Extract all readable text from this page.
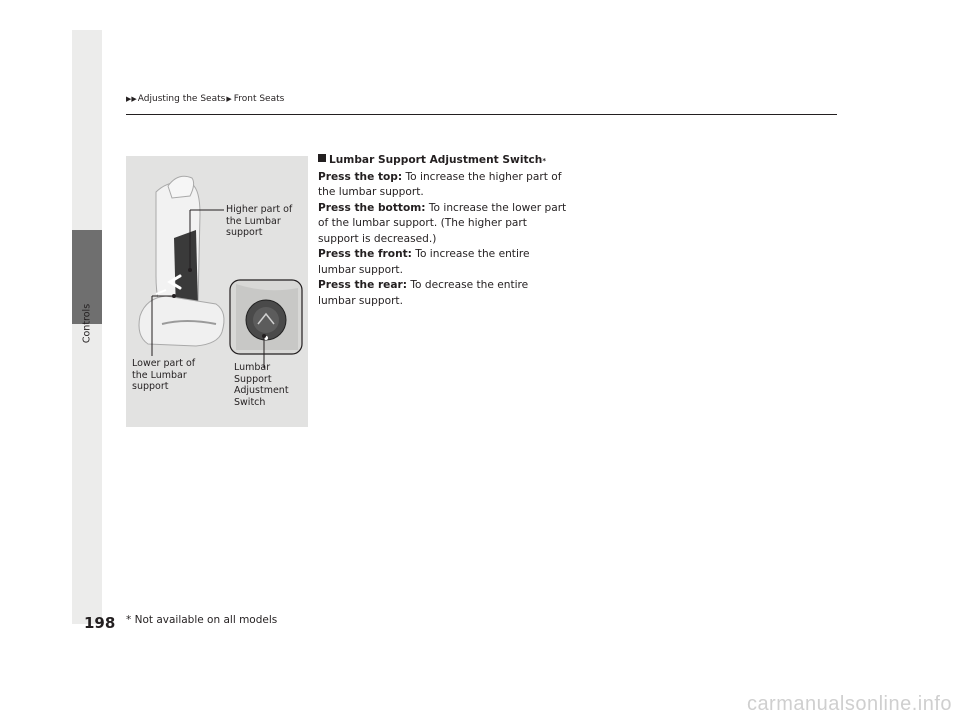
Controls
▶▶ Adjusting the Seats ▶ Front Seats
Higher part of
the Lumbar
support
Lower part of
the Lumbar
support
Lumbar
Support
Adjustment
Switch
Lumbar Support Adjustment Switch *
Press the top: To increase the higher part of the lumbar support.
Press the bottom: To increase the lower part of the lumbar support. (The higher part support is decreased.)
Press the front: To increase the entire lumbar support.
Press the rear: To decrease the entire lumbar support.
198 * Not available on all models
carmanualsonline.info
